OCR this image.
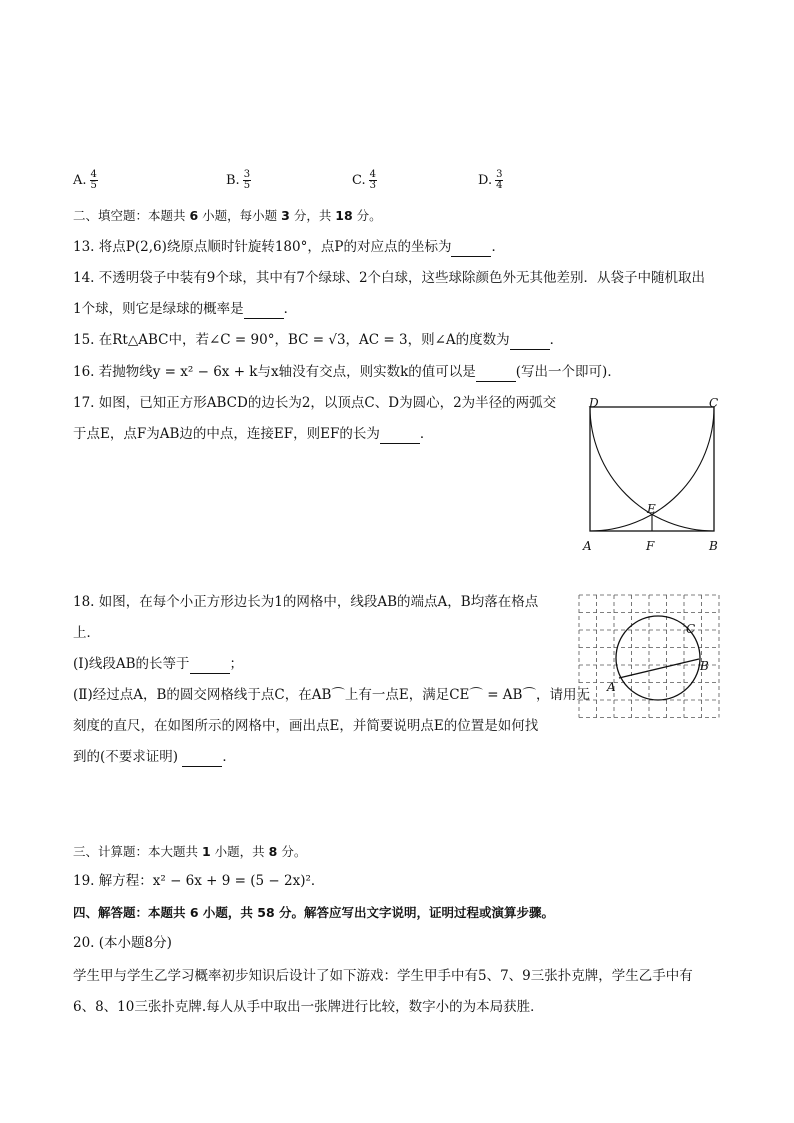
A. $\frac{4}{5}$	B. $\frac{3}{5}$	C. $\frac{4}{3}$	D. $\frac{3}{4}$
二、填空题：本题共 6 小题，每小题 3 分，共 18 分。
13. 将点P(2,6)绕原点顺时针旋转180°，点P的对应点的坐标为	．
14. 不透明袋子中装有9个球，其中有7个绿球、2个白球，这些球除颜色外无其他差别．从袋子中随机取出
1个球，则它是绿球的概率是	．
15. 在Rt△ABC中，若∠C = 90°，BC = √3，AC = 3，则∠A的度数为	．
16. 若抛物线y = x² − 6x + k与x轴没有交点，则实数k的值可以是	(写出一个即可)．
17. 如图，已知正方形ABCD的边长为2，以顶点C、D为圆心，2为半径的两弧交
于点E，点F为AB边的中点，连接EF，则EF的长为	．
D	C
E
A	F	B
18. 如图，在每个小正方形边长为1的网格中，线段AB的端点A，B均落在格点
上．
(Ⅰ)线段AB的长等于	；
(Ⅱ)经过点A，B的圆交网格线于点C，在AB⌒上有一点E，满足CE⌒ = AB⌒，请用无
刻度的直尺，在如图所示的网格中，画出点E，并简要说明点E的位置是如何找
到的(不要求证明)	．
A
B
C
三、计算题：本大题共 1 小题，共 8 分。
19. 解方程：x² − 6x + 9 = (5 − 2x)²．
四、解答题：本题共 6 小题，共 58 分。解答应写出文字说明，证明过程或演算步骤。
20. (本小题8分)
学生甲与学生乙学习概率初步知识后设计了如下游戏：学生甲手中有5、7、9三张扑克牌，学生乙手中有
6、8、10三张扑克牌.每人从手中取出一张牌进行比较，数字小的为本局获胜．
